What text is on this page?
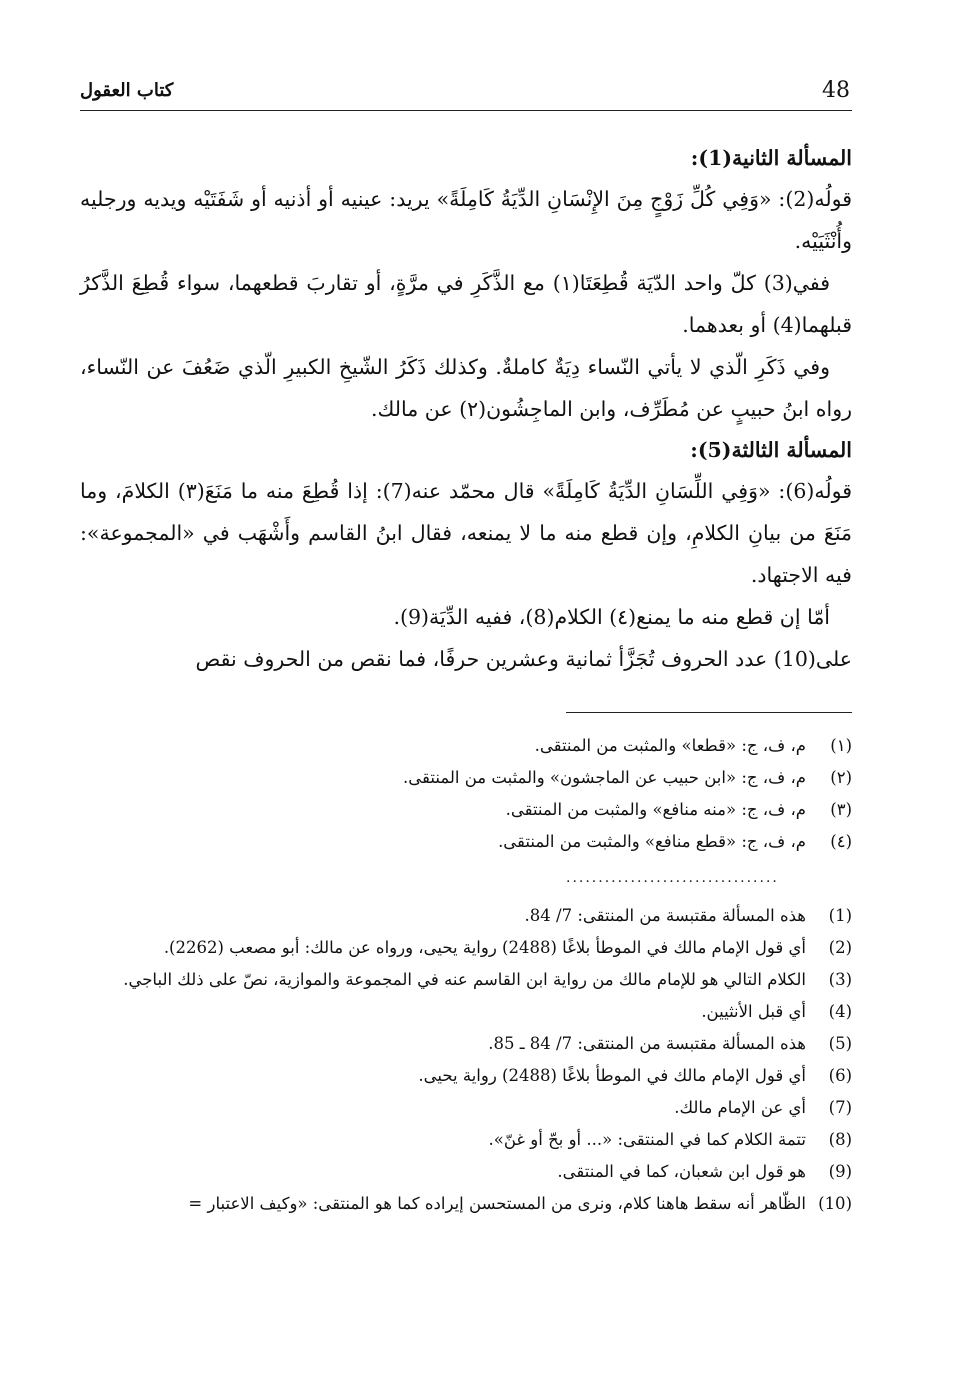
48
كتاب العقول

المسألة الثانية(1):

قولُه(2): «وَفِي كُلِّ زَوْجٍ مِنَ الإِنْسَانِ الدِّيَةُ كَامِلَةً» يريد: عينيه أو أذنيه أو شَفَتَيْه ويديه ورجليه وأُنْثَيَيْه.

ففي(3) كلّ واحد الدّيَة قُطِعَتَا(١) مع الذَّكَرِ في مرَّةٍ، أو تقاربَ قطعهما، سواء قُطِعَ الذَّكرُ قبلهما(4) أو بعدهما.

وفي ذَكَرِ الّذي لا يأتي النّساء دِيَةٌ كاملةٌ. وكذلك ذَكَرُ الشّيخِ الكبيرِ الّذي ضَعُفَ عن النّساء، رواه ابنُ حبيبٍ عن مُطَرِّف، وابن الماجِشُون(٢) عن مالك.

المسألة الثالثة(5):

قولُه(6): «وَفِي اللِّسَانِ الدِّيَةُ كَامِلَةً» قال محمّد عنه(7): إذا قُطِعَ منه ما مَنَعَ(٣) الكلامَ، وما مَنَعَ من بيانِ الكلامِ، وإن قطع منه ما لا يمنعه، فقال ابنُ القاسم وأَشْهَب في «المجموعة»: فيه الاجتهاد.

أمّا إن قطع منه ما يمنع(٤) الكلام(8)، ففيه الدِّيَة(9).

على(10) عدد الحروف تُجَزَّأ ثمانية وعشرين حرفًا، فما نقص من الحروف نقص

(١)
م، ف، ج: «قطعا» والمثبت من المنتقى.
(٢)
م، ف، ج: «ابن حبيب عن الماجشون» والمثبت من المنتقى.
(٣)
م، ف، ج: «منه منافع» والمثبت من المنتقى.
(٤)
م، ف، ج: «قطع منافع» والمثبت من المنتقى.
.................................
(1)
هذه المسألة مقتبسة من المنتقى: 7/ 84.
(2)
أي قول الإمام مالك في الموطأ بلاغًا (2488) رواية يحيى، ورواه عن مالك: أبو مصعب (2262).
(3)
الكلام التالي هو للإمام مالك من رواية ابن القاسم عنه في المجموعة والموازية، نصّ على ذلك الباجي.
(4)
أي قبل الأنثيين.
(5)
هذه المسألة مقتبسة من المنتقى: 7/ 84 ـ 85.
(6)
أي قول الإمام مالك في الموطأ بلاغًا (2488) رواية يحيى.
(7)
أي عن الإمام مالك.
(8)
تتمة الكلام كما في المنتقى: «... أو بحّ أو غنّ».
(9)
هو قول ابن شعبان، كما في المنتقى.
(10)
الظّاهر أنه سقط هاهنا كلام، ونرى من المستحسن إيراده كما هو المنتقى: «وكيف الاعتبار =
